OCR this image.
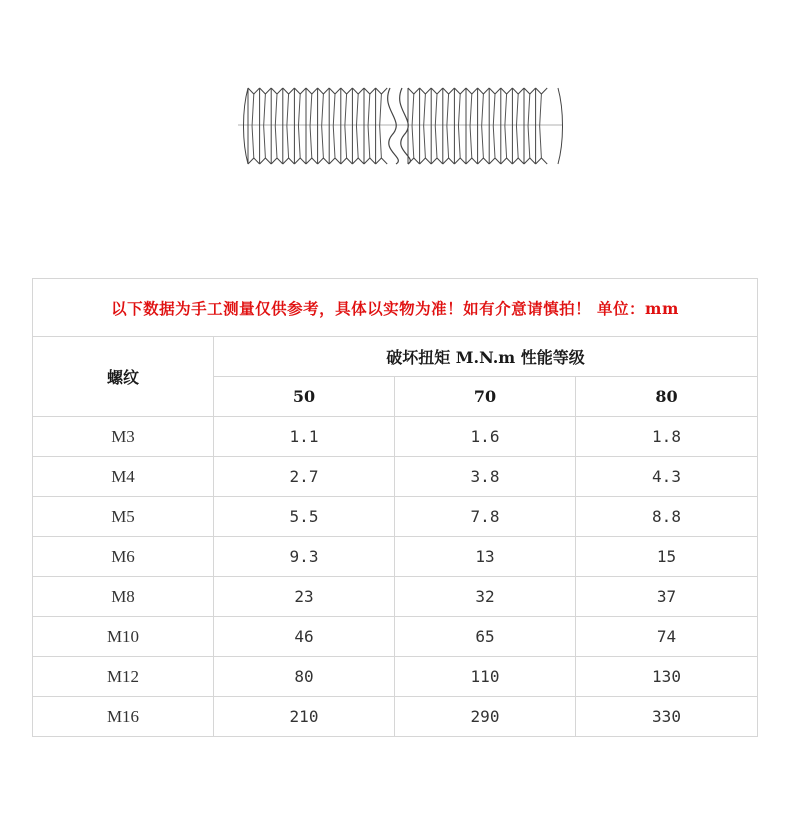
以下数据为手工测量仅供参考，具体以实物为准！如有介意请慎拍！ 单位：mm			
螺纹	破坏扭矩 M.N.m 性能等级		
	50	70	80
M3	1.1	1.6	1.8
M4	2.7	3.8	4.3
M5	5.5	7.8	8.8
M6	9.3	13	15
M8	23	32	37
M10	46	65	74
M12	80	110	130
M16	210	290	330
